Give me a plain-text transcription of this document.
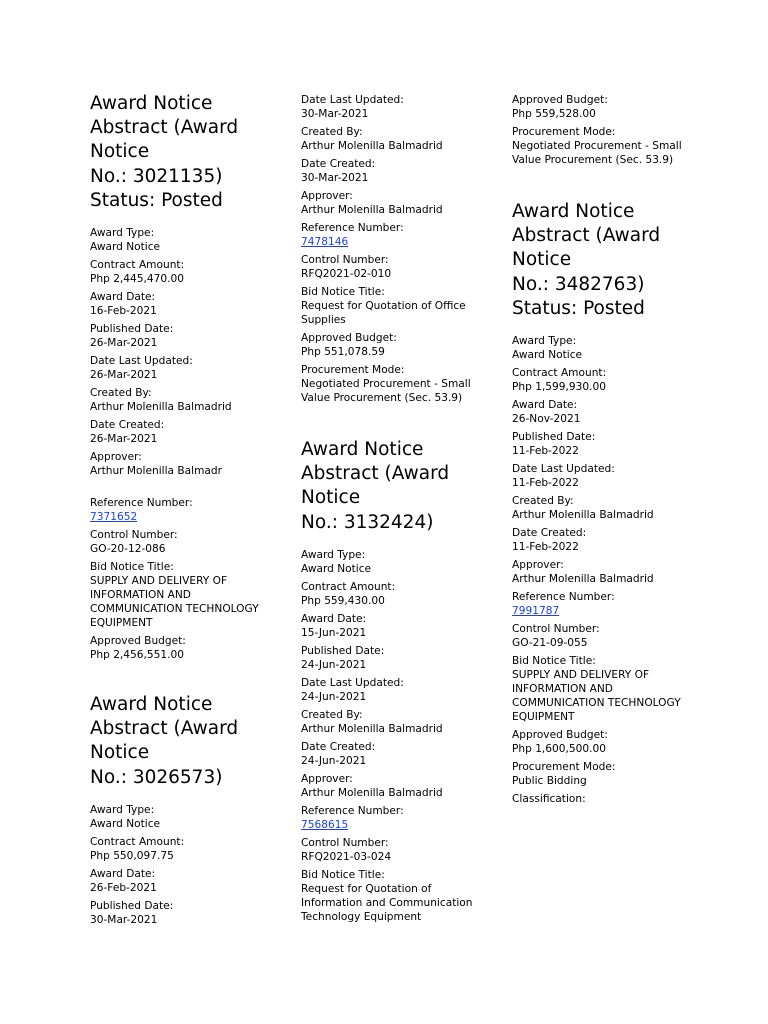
Award Notice
Abstract (Award
Notice
No.: 3021135)
Status: Posted
Award Type:
Award Notice
Contract Amount:
Php 2,445,470.00
Award Date:
16-Feb-2021
Published Date:
26-Mar-2021
Date Last Updated:
26-Mar-2021
Created By:
Arthur Molenilla Balmadrid
Date Created:
26-Mar-2021
Approver:
Arthur Molenilla Balmadr
Reference Number:
7371652
Control Number:
GO-20-12-086
Bid Notice Title:
SUPPLY AND DELIVERY OF
INFORMATION AND
COMMUNICATION TECHNOLOGY
EQUIPMENT
Approved Budget:
Php 2,456,551.00
Award Notice
Abstract (Award
Notice
No.: 3026573)
Award Type:
Award Notice
Contract Amount:
Php 550,097.75
Award Date:
26-Feb-2021
Published Date:
30-Mar-2021
Date Last Updated:
30-Mar-2021
Created By:
Arthur Molenilla Balmadrid
Date Created:
30-Mar-2021
Approver:
Arthur Molenilla Balmadrid
Reference Number:
7478146
Control Number:
RFQ2021-02-010
Bid Notice Title:
Request for Quotation of Office
Supplies
Approved Budget:
Php 551,078.59
Procurement Mode:
Negotiated Procurement - Small
Value Procurement (Sec. 53.9)
Award Notice
Abstract (Award
Notice
No.: 3132424)
Award Type:
Award Notice
Contract Amount:
Php 559,430.00
Award Date:
15-Jun-2021
Published Date:
24-Jun-2021
Date Last Updated:
24-Jun-2021
Created By:
Arthur Molenilla Balmadrid
Date Created:
24-Jun-2021
Approver:
Arthur Molenilla Balmadrid
Reference Number:
7568615
Control Number:
RFQ2021-03-024
Bid Notice Title:
Request for Quotation of
Information and Communication
Technology Equipment
Approved Budget:
Php 559,528.00
Procurement Mode:
Negotiated Procurement - Small
Value Procurement (Sec. 53.9)
Award Notice
Abstract (Award
Notice
No.: 3482763)
Status: Posted
Award Type:
Award Notice
Contract Amount:
Php 1,599,930.00
Award Date:
26-Nov-2021
Published Date:
11-Feb-2022
Date Last Updated:
11-Feb-2022
Created By:
Arthur Molenilla Balmadrid
Date Created:
11-Feb-2022
Approver:
Arthur Molenilla Balmadrid
Reference Number:
7991787
Control Number:
GO-21-09-055
Bid Notice Title:
SUPPLY AND DELIVERY OF
INFORMATION AND
COMMUNICATION TECHNOLOGY
EQUIPMENT
Approved Budget:
Php 1,600,500.00
Procurement Mode:
Public Bidding
Classification:
